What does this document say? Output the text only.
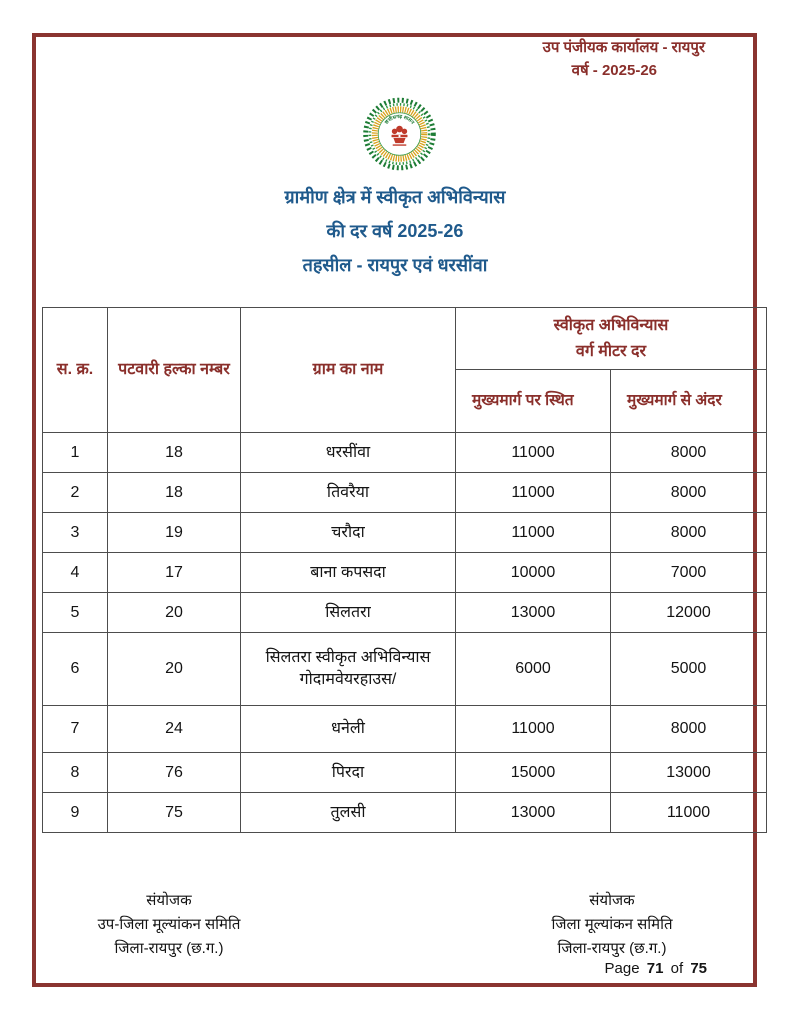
उप पंजीयक कार्यालय - रायपुर
वर्ष - 2025-26
छत्तीसगढ़ शासन
ग्रामीण क्षेत्र में स्वीकृत अभिविन्यास
की दर वर्ष 2025-26
तहसील - रायपुर एवं धरसींवा
स. क्र.	पटवारी हल्का नम्बर	ग्राम का नाम	स्वीकृत अभिविन्यास
वर्ग मीटर दर	

			मुख्यमार्ग पर स्थित	मुख्यमार्ग से अंदर
1	18	धरसींवा	11000	8000
2	18	तिवरैया	11000	8000
3	19	चरौदा	11000	8000
4	17	बाना कपसदा	10000	7000
5	20	सिलतरा	13000	12000
6	20	सिलतरा स्वीकृत अभिविन्यास गोदामवेयरहाउस/	6000	5000
7	24	धनेली	11000	8000
8	76	पिरदा	15000	13000
9	75	तुलसी	13000	11000
संयोजक
उप-जिला मूल्यांकन समिति
जिला-रायपुर (छ.ग.)
संयोजक
जिला मूल्यांकन समिति
जिला-रायपुर (छ.ग.)
Page 71 of 75
